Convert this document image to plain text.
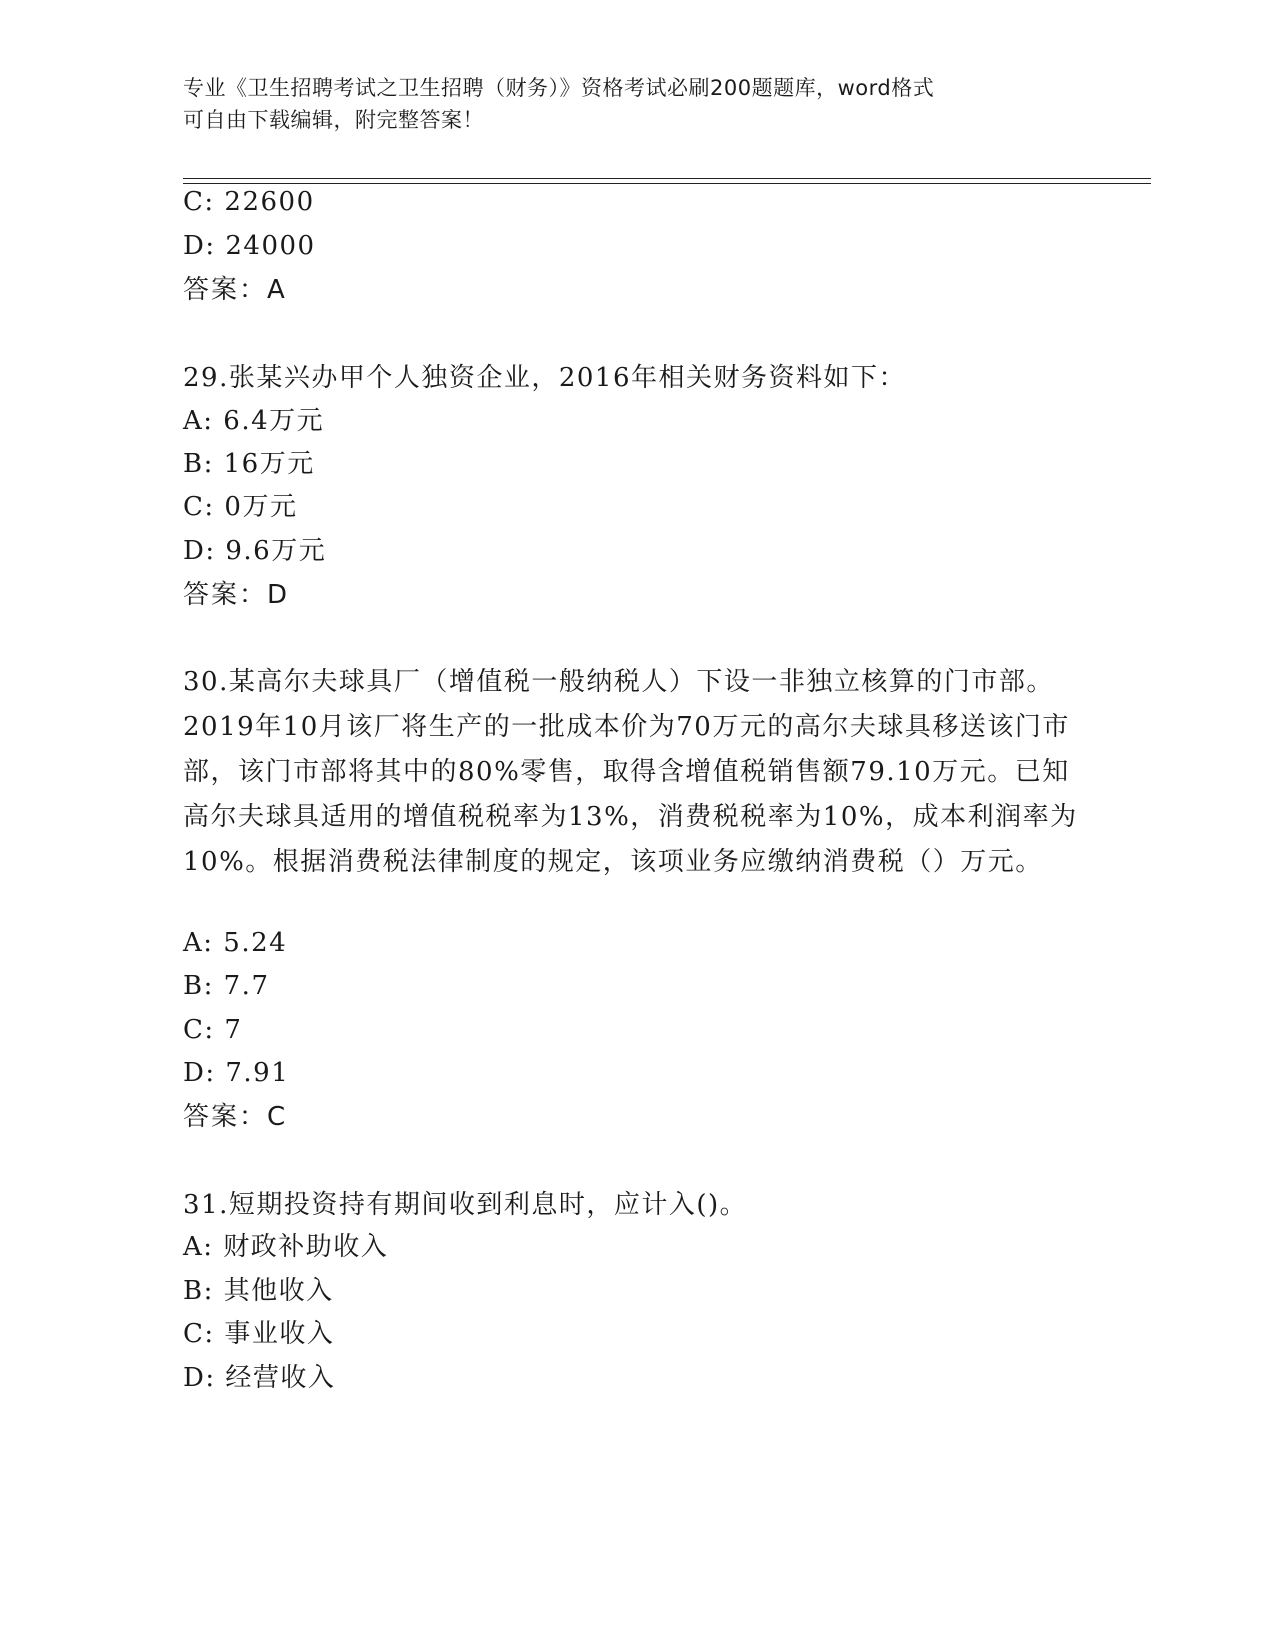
专业《卫生招聘考试之卫生招聘（财务）》资格考试必刷200题题库，word格式
可自由下载编辑，附完整答案！
C: 22600
D: 24000
答案：A
29.张某兴办甲个人独资企业，2016年相关财务资料如下：
A: 6.4万元
B: 16万元
C: 0万元
D: 9.6万元
答案：D

30.某高尔夫球具厂（增值税一般纳税人）下设一非独立核算的门市部。2019年10月该厂将生产的一批成本价为70万元的高尔夫球具移送该门市部，该门市部将其中的80%零售，取得含增值税销售额79.10万元。已知高尔夫球具适用的增值税税率为13%，消费税税率为10%，成本利润率为10%。根据消费税法律制度的规定，该项业务应缴纳消费税（）万元。

A: 5.24
B: 7.7
C: 7
D: 7.91
答案：C
31.短期投资持有期间收到利息时，应计入()。
A: 财政补助收入
B: 其他收入
C: 事业收入
D: 经营收入
